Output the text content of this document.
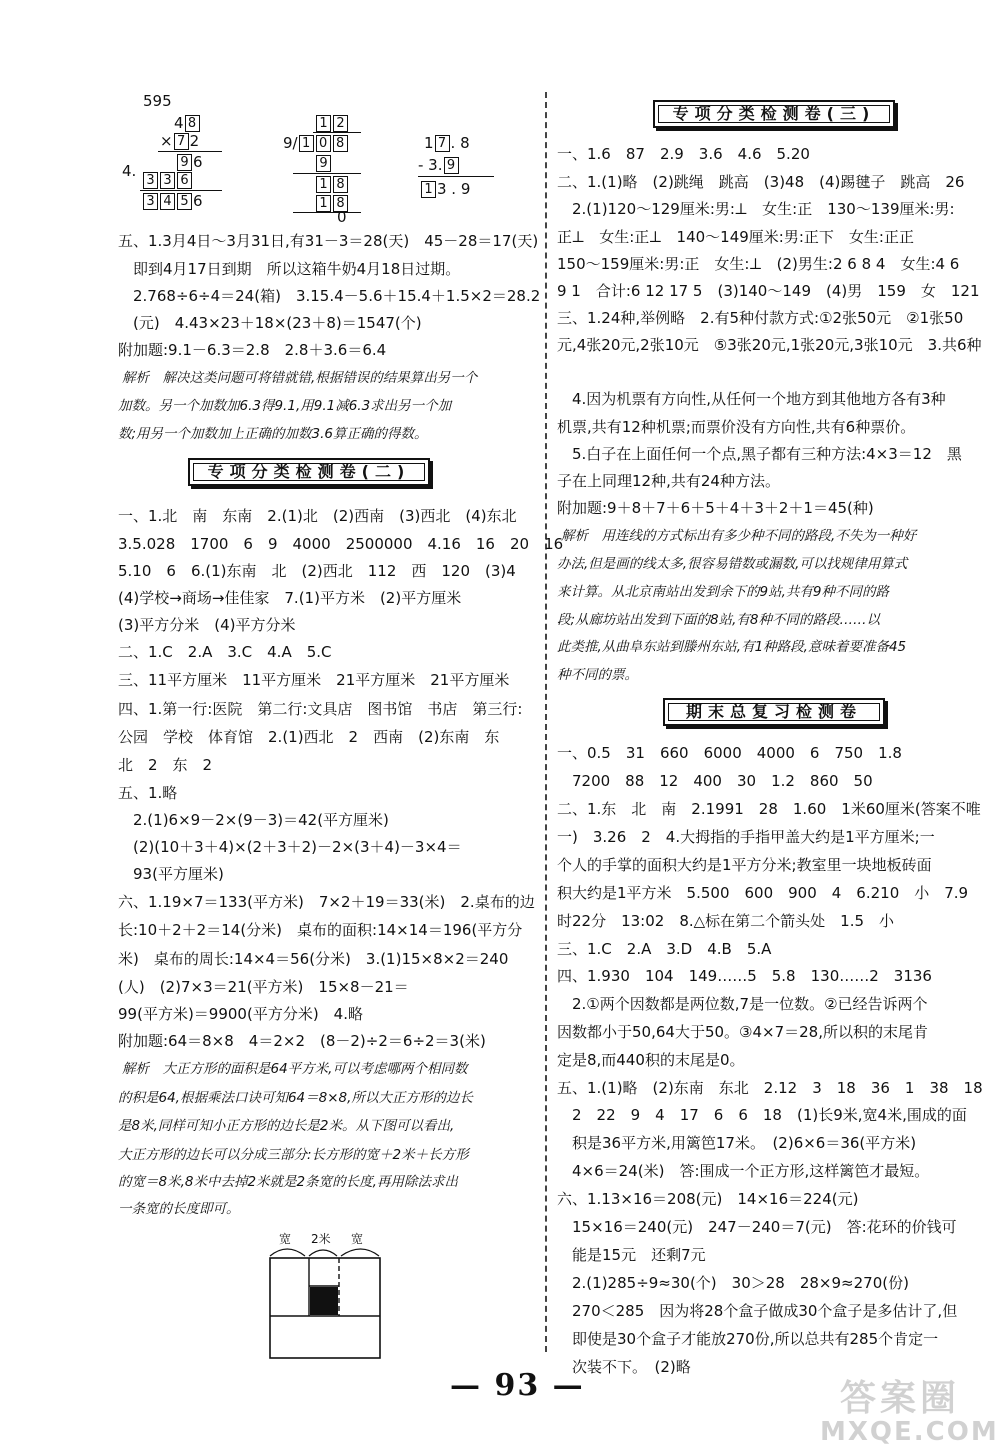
595
4 8
× 7 2
9 6
4.
3 3 6
3 4 5 6
1 2
9/ 1 0 8
9
1 8
1 8
0
1 7 . 8
- 3. 9
1 3 . 9
五、1.3月4日～3月31日,有31－3＝28(天)　45－28＝17(天)
　即到4月17日到期　所以这箱牛奶4月18日过期。
　2.768÷6÷4＝24(箱)　3.15.4－5.6＋15.4＋1.5×2＝28.2
　(元)　4.43×23＋18×(23＋8)＝1547(个)
附加题:9.1－6.3＝2.8　2.8＋3.6＝6.4
解析　解决这类问题可将错就错,根据错误的结果算出另一个
加数。另一个加数加6.3得9.1,用9.1减6.3求出另一个加
数;用另一个加数加上正确的加数3.6算正确的得数。
专项分类检测卷(二)
一、1.北　南　东南　2.(1)北　(2)西南　(3)西北　(4)东北
3.5.028　1700　6　9　4000　2500000　4.16　16　20　16
5.10　6　6.(1)东南　北　(2)西北　112　西　120　(3)4
(4)学校→商场→佳佳家　7.(1)平方米　(2)平方厘米
(3)平方分米　(4)平方分米
二、1.C　2.A　3.C　4.A　5.C
三、11平方厘米　11平方厘米　21平方厘米　21平方厘米
四、1.第一行:医院　第二行:文具店　图书馆　书店　第三行:
公园　学校　体育馆　2.(1)西北　2　西南　(2)东南　东
北　2　东　2
五、1.略
　2.(1)6×9－2×(9－3)＝42(平方厘米)
　(2)(10＋3＋4)×(2＋3＋2)－2×(3＋4)－3×4＝
　93(平方厘米)
六、1.19×7＝133(平方米)　7×2＋19＝33(米)　2.桌布的边
长:10＋2＋2＝14(分米)　桌布的面积:14×14＝196(平方分
米)　桌布的周长:14×4＝56(分米)　3.(1)15×8×2＝240
(人)　(2)7×3＝21(平方米)　15×8－21＝
99(平方米)＝9900(平方分米)　4.略
附加题:64＝8×8　4＝2×2　(8－2)÷2＝6÷2＝3(米)
解析　大正方形的面积是64平方米,可以考虑哪两个相同数
的积是64,根据乘法口诀可知64＝8×8,所以大正方形的边长
是8米,同样可知小正方形的边长是2米。从下图可以看出,
大正方形的边长可以分成三部分:长方形的宽＋2米＋长方形
的宽＝8米,8米中去掉2米就是2条宽的长度,再用除法求出
一条宽的长度即可。
宽 2米 宽
专项分类检测卷(三)
一、1.6　87　2.9　3.6　4.6　5.20
二、1.(1)略　(2)跳绳　跳高　(3)48　(4)踢毽子　跳高　26
　2.(1)120～129厘米:男:𝍥　女生:正　130～139厘米:男:
正𝍥　女生:正𝍥　140～149厘米:男:正下　女生:正正
150～159厘米:男:正　女生:𝍥　(2)男生:2 6 8 4　女生:4 6
9 1　合计:6 12 17 5　(3)140～149　(4)男　159　女　121
三、1.24种,举例略　2.有5种付款方式:①2张50元　②1张50
元,4张20元,2张10元　⑤3张20元,1张20元,3张10元　3.共6种
　4.因为机票有方向性,从任何一个地方到其他地方各有3种
机票,共有12种机票;而票价没有方向性,共有6种票价。
　5.白子在上面任何一个点,黑子都有三种方法:4×3＝12　黑
子在上同理12种,共有24种方法。
附加题:9＋8＋7＋6＋5＋4＋3＋2＋1＝45(种)
解析　用连线的方式标出有多少种不同的路段,不失为一种好
办法,但是画的线太多,很容易错数或漏数,可以找规律用算式
来计算。从北京南站出发到余下的9站,共有9种不同的路
段;从廊坊站出发到下面的8站,有8种不同的路段……以
此类推,从曲阜东站到滕州东站,有1种路段,意味着要准备45
种不同的票。
期末总复习检测卷
一、0.5　31　660　6000　4000　6　750　1.8
　7200　88　12　400　30　1.2　860　50
二、1.东　北　南　2.1991　28　1.60　1米60厘米(答案不唯
一)　3.26　2　4.大拇指的手指甲盖大约是1平方厘米;一
个人的手掌的面积大约是1平方分米;教室里一块地板砖面
积大约是1平方米　5.500　600　900　4　6.210　小　7.9
时22分　13:02　8.△标在第二个箭头处　1.5　小
三、1.C　2.A　3.D　4.B　5.A
四、1.930　104　149……5　5.8　130……2　3136
　2.①两个因数都是两位数,7是一位数。②已经告诉两个
因数都小于50,64大于50。③4×7＝28,所以积的末尾肯
定是8,而440积的末尾是0。
五、1.(1)略　(2)东南　东北　2.12　3　18　36　1　38　18
　2　22　9　4　17　6　6　18　(1)长9米,宽4米,围成的面
　积是36平方米,用篱笆17米。　(2)6×6＝36(平方米)
　4×6＝24(米)　答:围成一个正方形,这样篱笆才最短。
六、1.13×16＝208(元)　14×16＝224(元)
　15×16＝240(元)　247－240＝7(元)　答:花环的价钱可
　能是15元　还剩7元
　2.(1)285÷9≈30(个)　30＞28　28×9≈270(份)
　270＜285　因为将28个盒子做成30个盒子是多估计了,但
　即使是30个盒子才能放270份,所以总共有285个肯定一
　次装不下。　(2)略
— 93 —	答案圈
MXQE.COM
